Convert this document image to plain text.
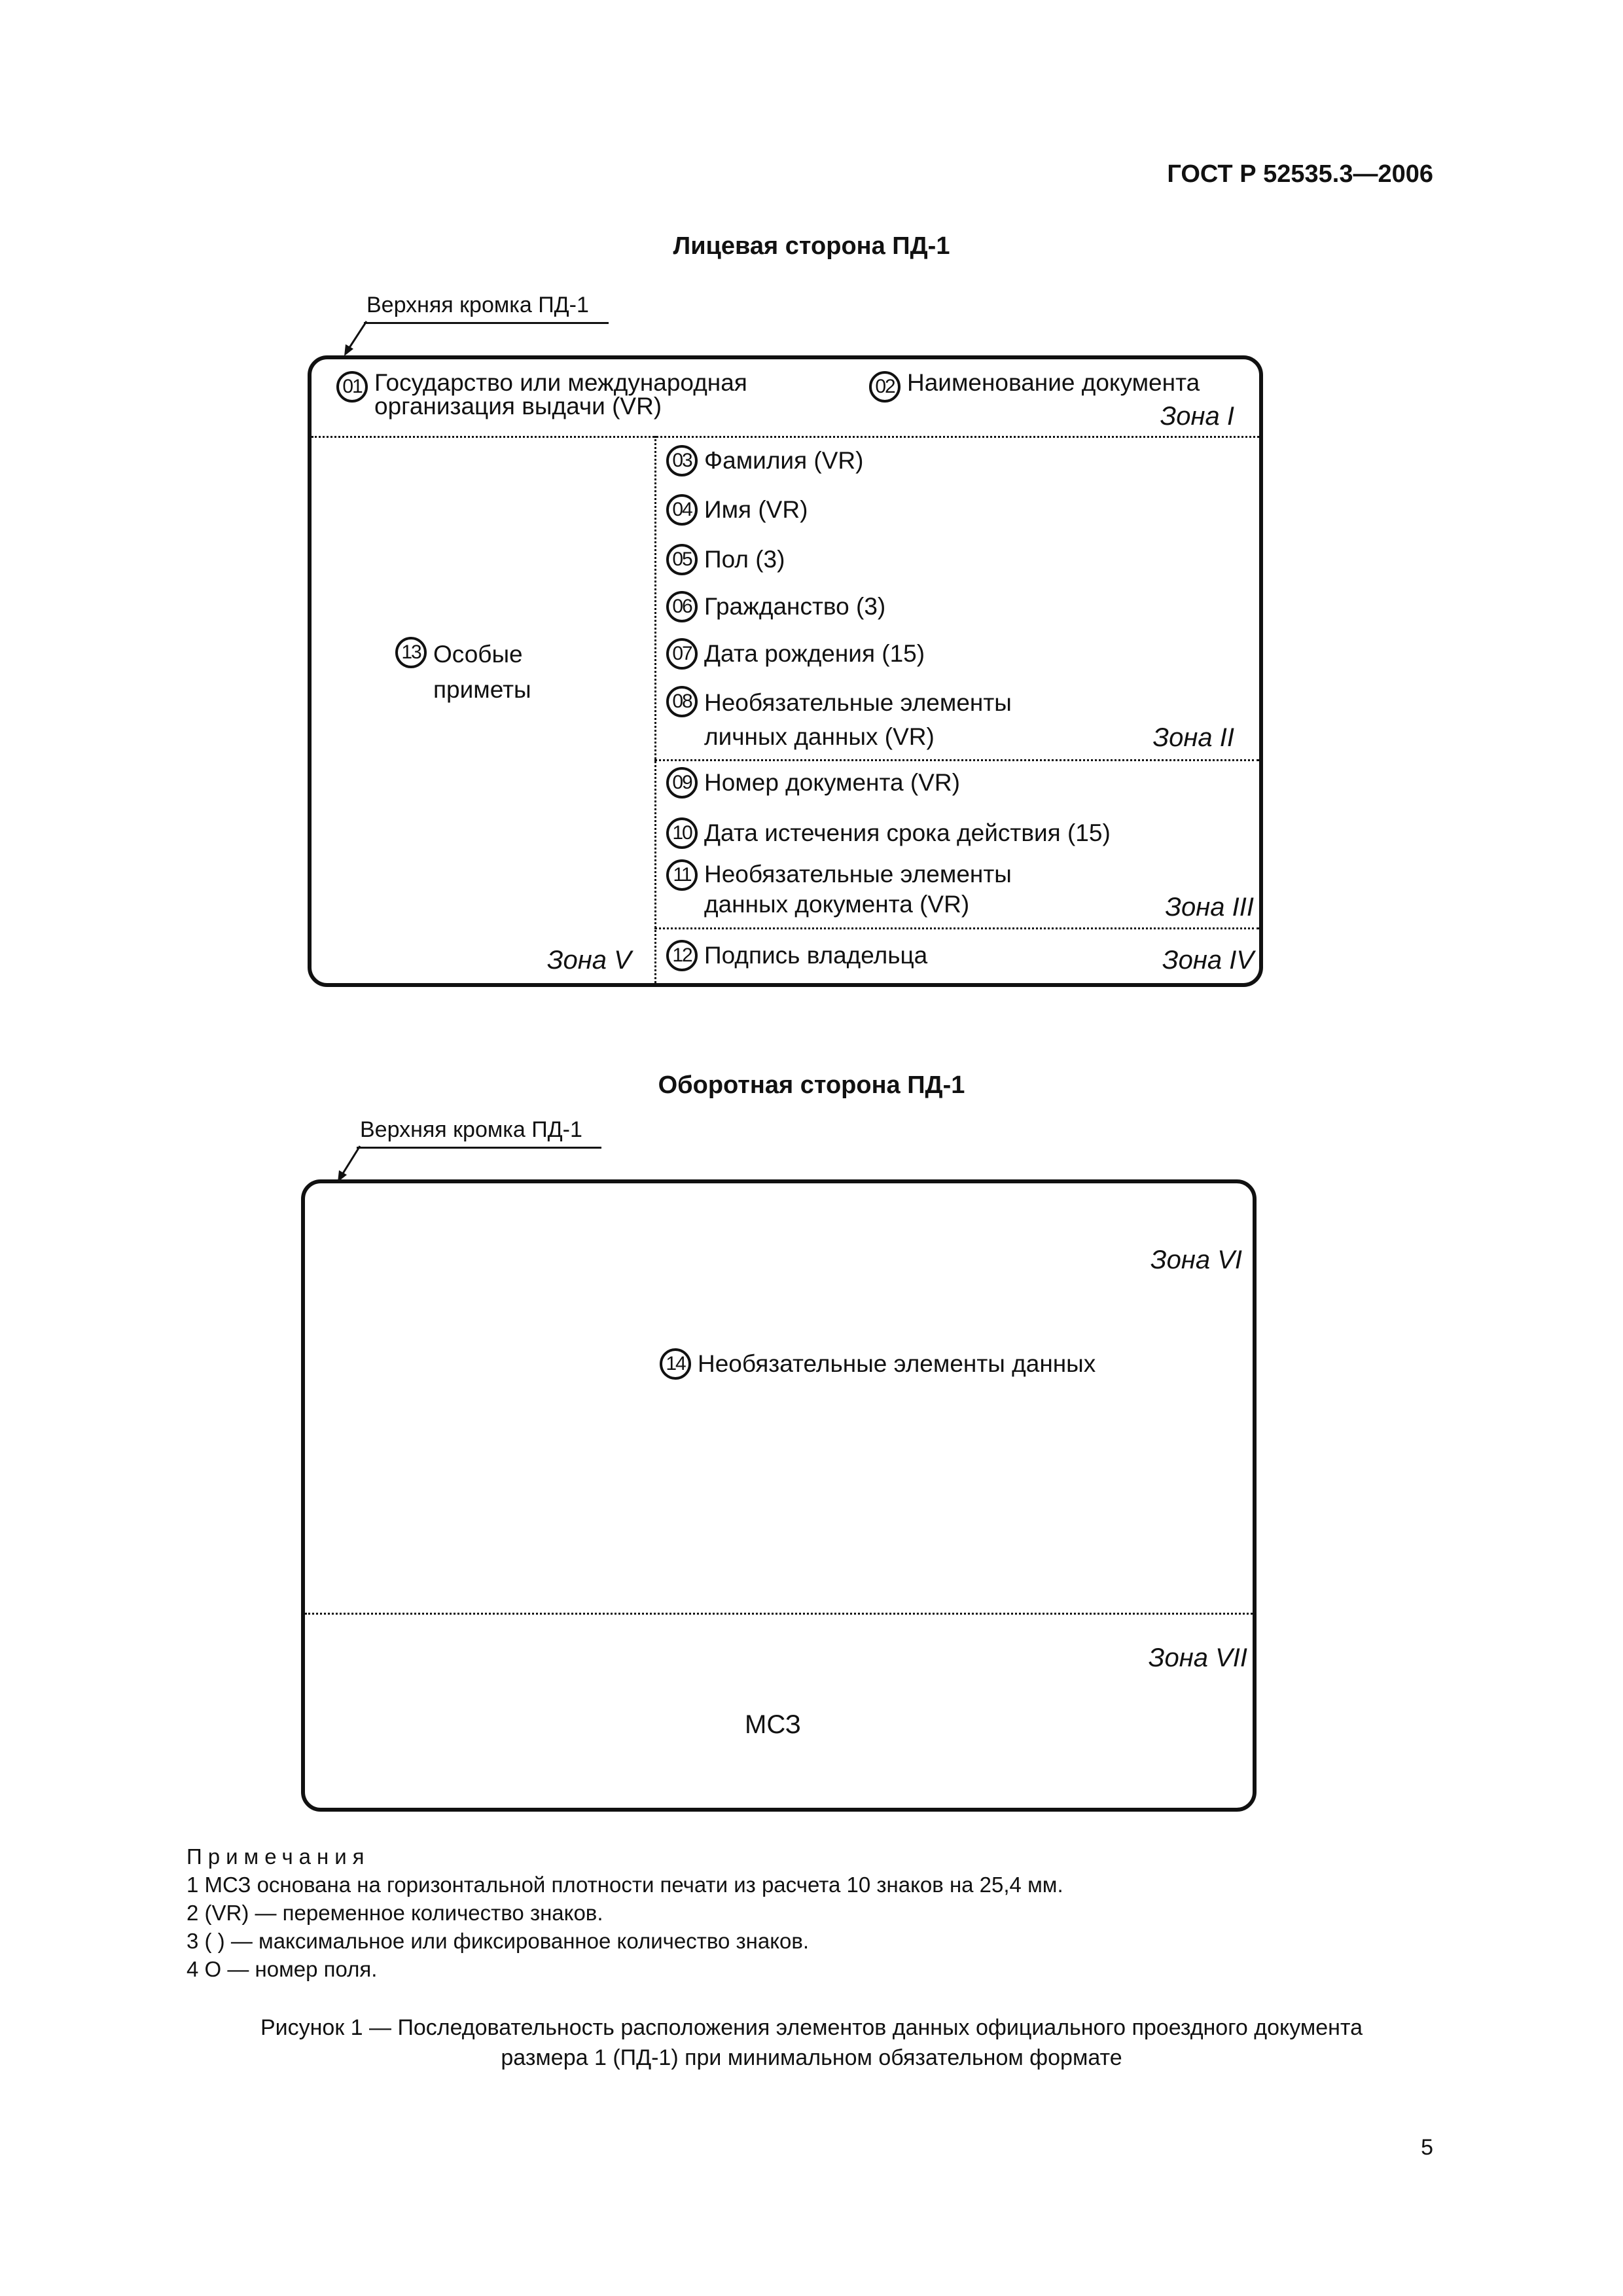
ГОСТ Р 52535.3—2006
Лицевая сторона ПД-1
Верхняя кромка ПД-1
01 Государство или международная
организация выдачи (VR)
02 Наименование документа
Зона I
03 Фамилия (VR)
04 Имя (VR)
05 Пол (3)
06 Гражданство (3)
07 Дата рождения (15)
08 Необязательные элементы
личных данных (VR)	Зона II
09 Номер документа (VR)
10 Дата истечения срока действия (15)
11 Необязательные элементы
данных документа (VR)	Зона III
12 Подпись владельца	Зона IV
13 Особые
приметы
Зона V
Оборотная сторона ПД-1
Верхняя кромка ПД-1
Зона VI
14 Необязательные элементы данных
Зона VII
МСЗ
Примечания
1 МСЗ основана на горизонтальной плотности печати из расчета 10 знаков на 25,4 мм.
2 (VR) — переменное количество знаков.
3 ( ) — максимальное или фиксированное количество знаков.
4 О — номер поля.
Рисунок 1 — Последовательность расположения элементов данных официального проездного документа
размера 1 (ПД-1) при минимальном обязательном формате
5
